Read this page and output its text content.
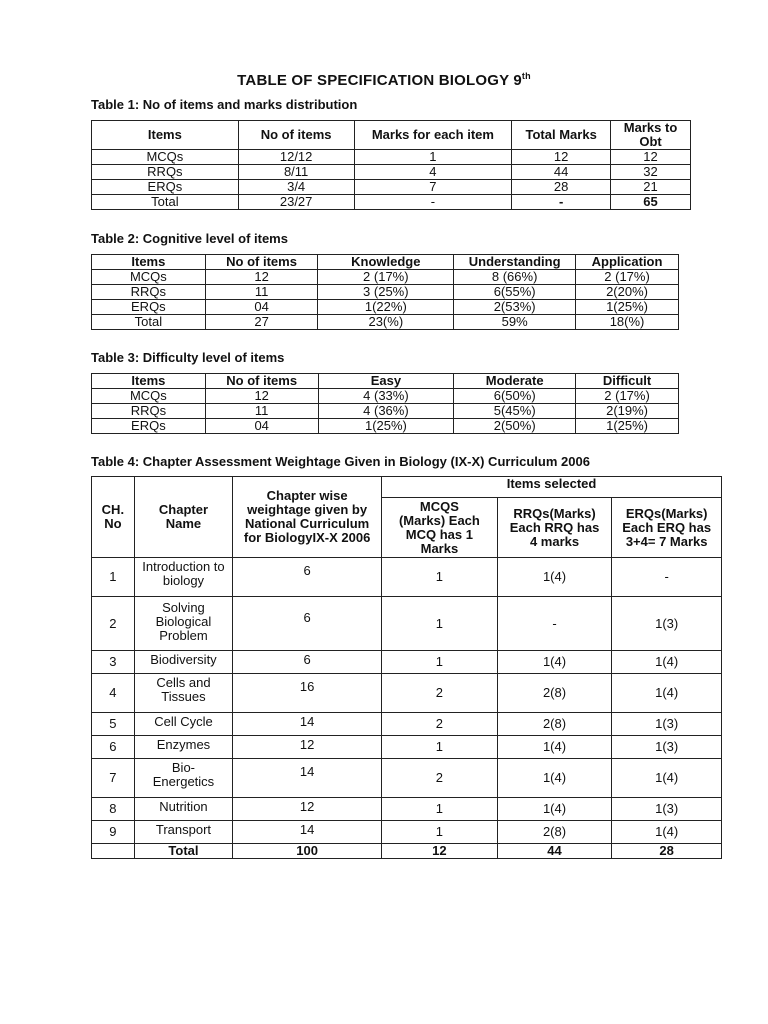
TABLE OF SPECIFICATION BIOLOGY 9th
Table 1: No of items and marks distribution
Items	No of items	Marks for each item	Total Marks	Marks to Obt
MCQs	12/12	1	12	12
RRQs	8/11	4	44	32
ERQs	3/4	7	28	21
Total	23/27	-	-	65
Table 2: Cognitive level of items
Items	No of items	Knowledge	Understanding	Application
MCQs	12	2 (17%)	8 (66%)	2 (17%)
RRQs	11	3 (25%)	6(55%)	2(20%)
ERQs	04	1(22%)	2(53%)	1(25%)
Total	27	23(%)	59%	18(%)
Table 3: Difficulty level of items
Items	No of items	Easy	Moderate	Difficult
MCQs	12	4 (33%)	6(50%)	2 (17%)
RRQs	11	4 (36%)	5(45%)	2(19%)
ERQs	04	1(25%)	2(50%)	1(25%)
Table 4: Chapter Assessment Weightage Given in Biology (IX-X) Curriculum 2006
CH. No	Chapter Name	Chapter wise weightage given by National Curriculum for BiologyIX-X 2006	Items selected		
			MCQS (Marks) Each MCQ has 1 Marks	RRQs(Marks) Each RRQ has 4 marks	ERQs(Marks) Each ERQ has 3+4= 7 Marks
1	Introduction to biology	6	1	1(4)	-
2	Solving Biological Problem	6	1	-	1(3)
3	Biodiversity	6	1	1(4)	1(4)
4	Cells and Tissues	16	2	2(8)	1(4)
5	Cell Cycle	14	2	2(8)	1(3)
6	Enzymes	12	1	1(4)	1(3)
7	Bio-Energetics	14	2	1(4)	1(4)
8	Nutrition	12	1	1(4)	1(3)
9	Transport	14	1	2(8)	1(4)
	Total	100	12	44	28
